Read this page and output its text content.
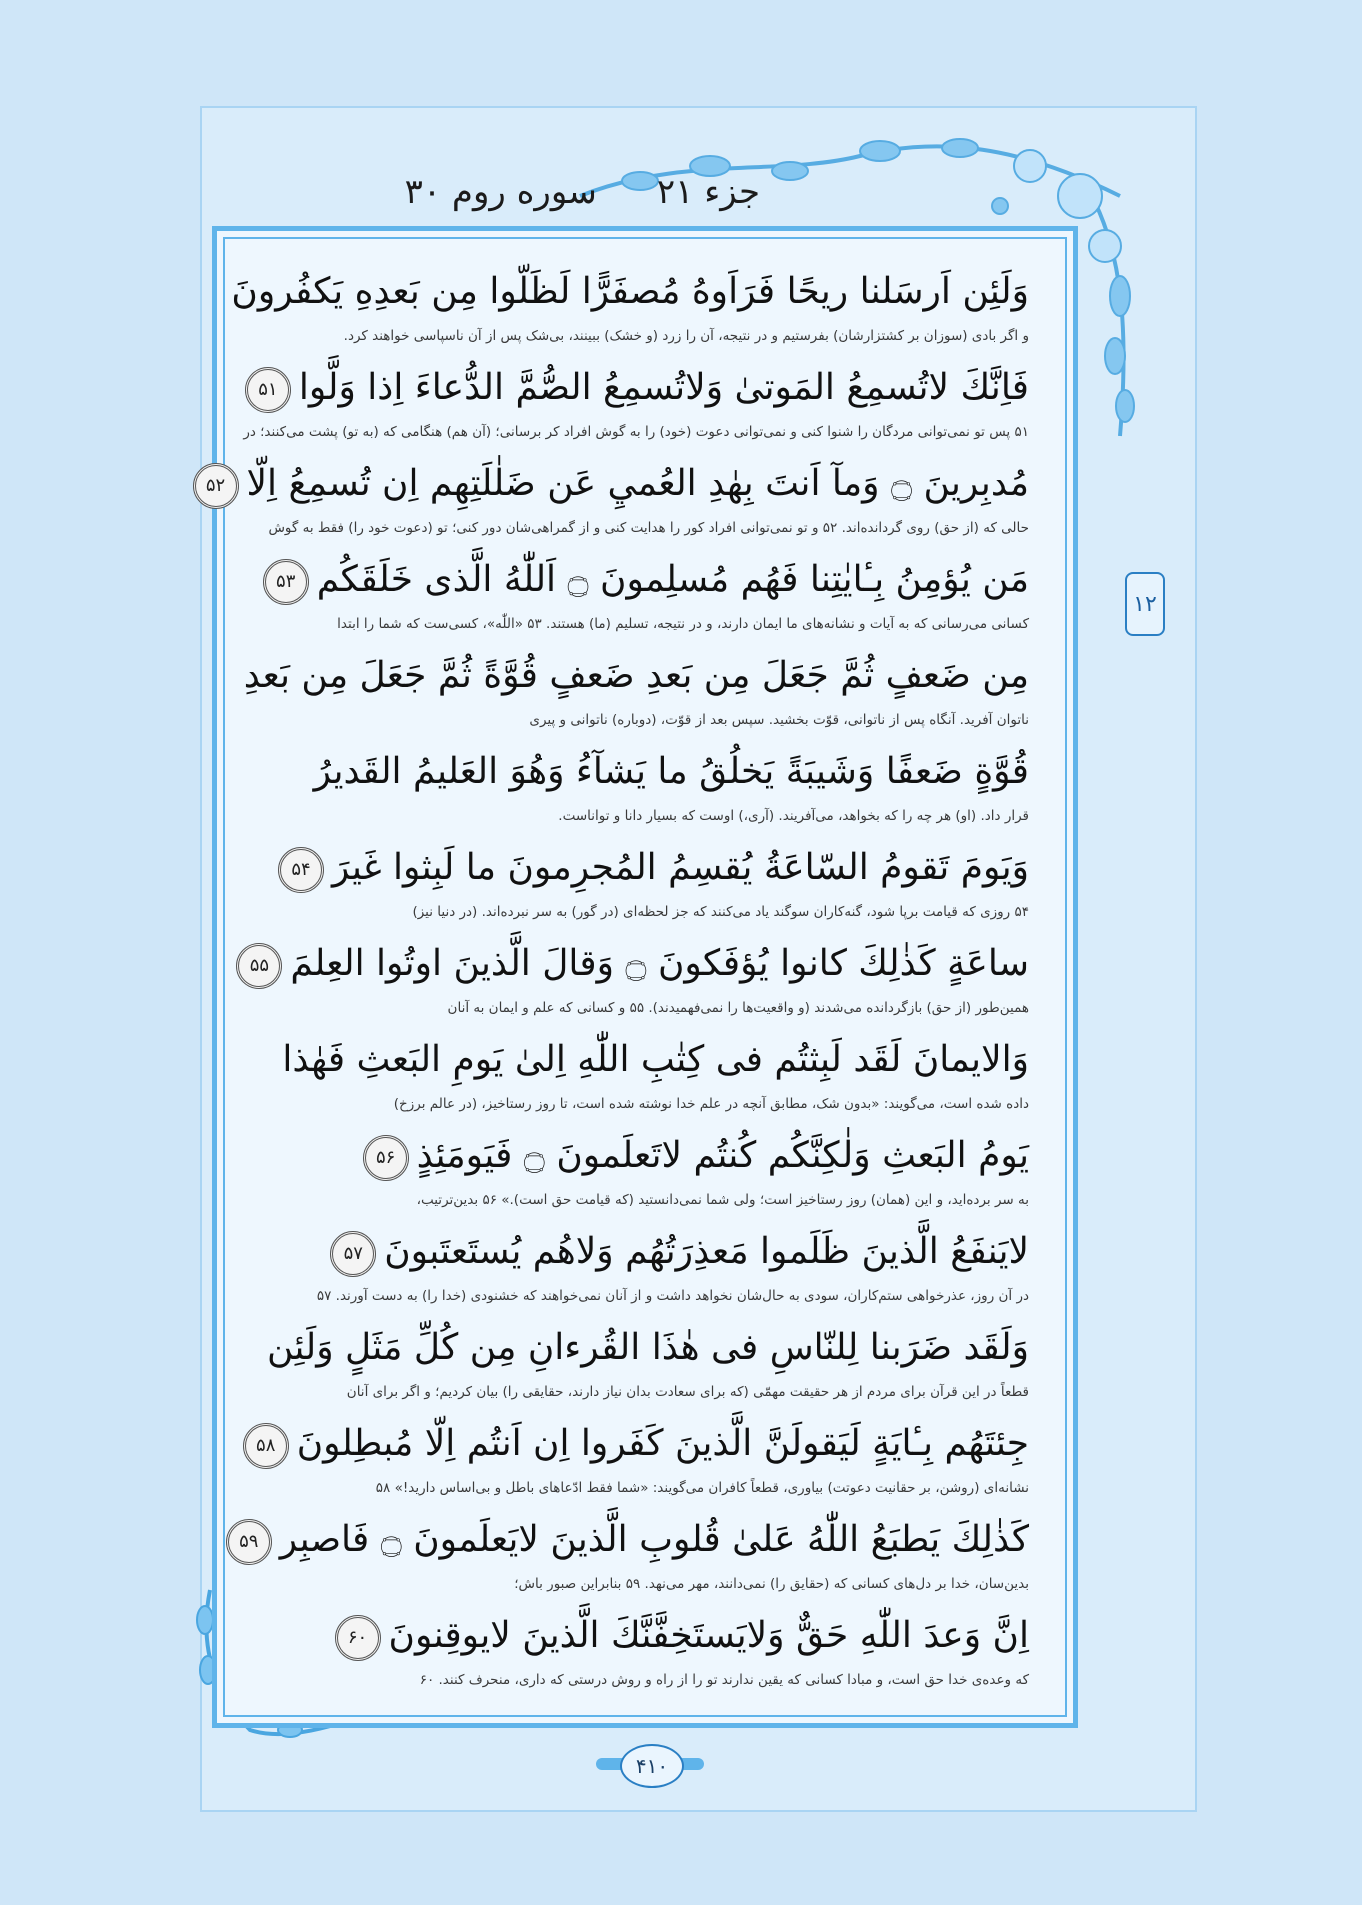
جزء ۲۱
سوره روم ۳۰
۱۲
وَلَئِن اَرسَلنا ريحًا فَرَاَوهُ مُصفَرًّا لَظَلّوا مِن بَعدِهِ يَكفُرونَ
و اگر بادی (سوزان بر کشتزارشان) بفرستیم و در نتیجه، آن را زرد (و خشک) ببینند، بی‌شک پس از آن ناسپاسی خواهند کرد.
فَاِنَّكَ لاتُسمِعُ المَوتىٰ وَلاتُسمِعُ الصُّمَّ الدُّعاءَ اِذا وَلَّوا۵۱
۵۱ پس تو نمی‌توانی مردگان را شنوا کنی و نمی‌توانی دعوت (خود) را به گوش افراد کر برسانی؛ (آن هم) هنگامی که (به تو) پشت می‌کنند؛ در
مُدبِرينَ ۝ وَمآ اَنتَ بِهٰدِ العُميِ عَن ضَلٰلَتِهِم اِن تُسمِعُ اِلّا۵۲
حالی که (از حق) روی گردانده‌اند. ۵۲ و تو نمی‌توانی افراد کور را هدایت کنی و از گمراهی‌شان دور کنی؛ تو (دعوت خود را) فقط به گوش
مَن يُؤمِنُ بِـٔايٰتِنا فَهُم مُسلِمونَ ۝ اَللّٰهُ الَّذى خَلَقَكُم۵۳
کسانی می‌رسانی که به آیات و نشانه‌های ما ایمان دارند، و در نتیجه، تسلیم (ما) هستند. ۵۳ «اللّٰه»، کسی‌ست که شما را ابتدا
مِن ضَعفٍ ثُمَّ جَعَلَ مِن بَعدِ ضَعفٍ قُوَّةً ثُمَّ جَعَلَ مِن بَعدِ
ناتوان آفرید. آنگاه پس از ناتوانی، قوّت بخشید. سپس بعد از قوّت، (دوباره) ناتوانی و پیری
قُوَّةٍ ضَعفًا وَشَيبَةً يَخلُقُ ما يَشآءُ وَهُوَ العَليمُ القَديرُ
قرار داد. (او) هر چه را که بخواهد، می‌آفریند. (آری،) اوست که بسیار دانا و تواناست.
وَيَومَ تَقومُ السّاعَةُ يُقسِمُ المُجرِمونَ ما لَبِثوا غَيرَ۵۴
۵۴ روزی که قیامت برپا شود، گنه‌کاران سوگند یاد می‌کنند که جز لحظه‌ای (در گور) به سر نبرده‌اند. (در دنیا نیز)
ساعَةٍ كَذٰلِكَ كانوا يُؤفَكونَ ۝ وَقالَ الَّذينَ اوتُوا العِلمَ۵۵
همین‌طور (از حق) بازگردانده می‌شدند (و واقعیت‌ها را نمی‌فهمیدند). ۵۵ و کسانی که علم و ایمان به آنان
وَالايمانَ لَقَد لَبِثتُم فى كِتٰبِ اللّٰهِ اِلىٰ يَومِ البَعثِ فَهٰذا
داده شده است، می‌گویند: «بدون شک، مطابق آنچه در علم خدا نوشته شده است، تا روز رستاخیز، (در عالم برزخ)
يَومُ البَعثِ وَلٰكِنَّكُم كُنتُم لاتَعلَمونَ ۝ فَيَومَئِذٍ۵۶
به سر برده‌اید، و این (همان) روز رستاخیز است؛ ولی شما نمی‌دانستید (که قیامت حق است).» ۵۶ بدین‌ترتیب،
لايَنفَعُ الَّذينَ ظَلَموا مَعذِرَتُهُم وَلاهُم يُستَعتَبونَ۵۷
در آن روز، عذرخواهی ستم‌کاران، سودی به حال‌شان نخواهد داشت و از آنان نمی‌خواهند که خشنودی (خدا را) به دست آورند. ۵۷
وَلَقَد ضَرَبنا لِلنّاسِ فى هٰذَا القُرءانِ مِن كُلِّ مَثَلٍ وَلَئِن
قطعاً در این قرآن برای مردم از هر حقیقت مهمّی (که برای سعادت بدان نیاز دارند، حقایقی را) بیان کردیم؛ و اگر برای آنان
جِئتَهُم بِـٔايَةٍ لَيَقولَنَّ الَّذينَ كَفَروا اِن اَنتُم اِلّا مُبطِلونَ۵۸
نشانه‌ای (روشن، بر حقانیت دعوتت) بیاوری، قطعاً کافران می‌گویند: «شما فقط ادّعاهای باطل و بی‌اساس دارید!» ۵۸
كَذٰلِكَ يَطبَعُ اللّٰهُ عَلىٰ قُلوبِ الَّذينَ لايَعلَمونَ ۝ فَاصبِر۵۹
بدین‌سان، خدا بر دل‌های کسانی که (حقایق را) نمی‌دانند، مهر می‌نهد. ۵۹ بنابراین صبور باش؛
اِنَّ وَعدَ اللّٰهِ حَقٌّ وَلايَستَخِفَّنَّكَ الَّذينَ لايوقِنونَ۶۰
که وعده‌ی خدا حق است، و مبادا کسانی که یقین ندارند تو را از راه و روش درستی که داری، منحرف کنند. ۶۰
۴۱۰
